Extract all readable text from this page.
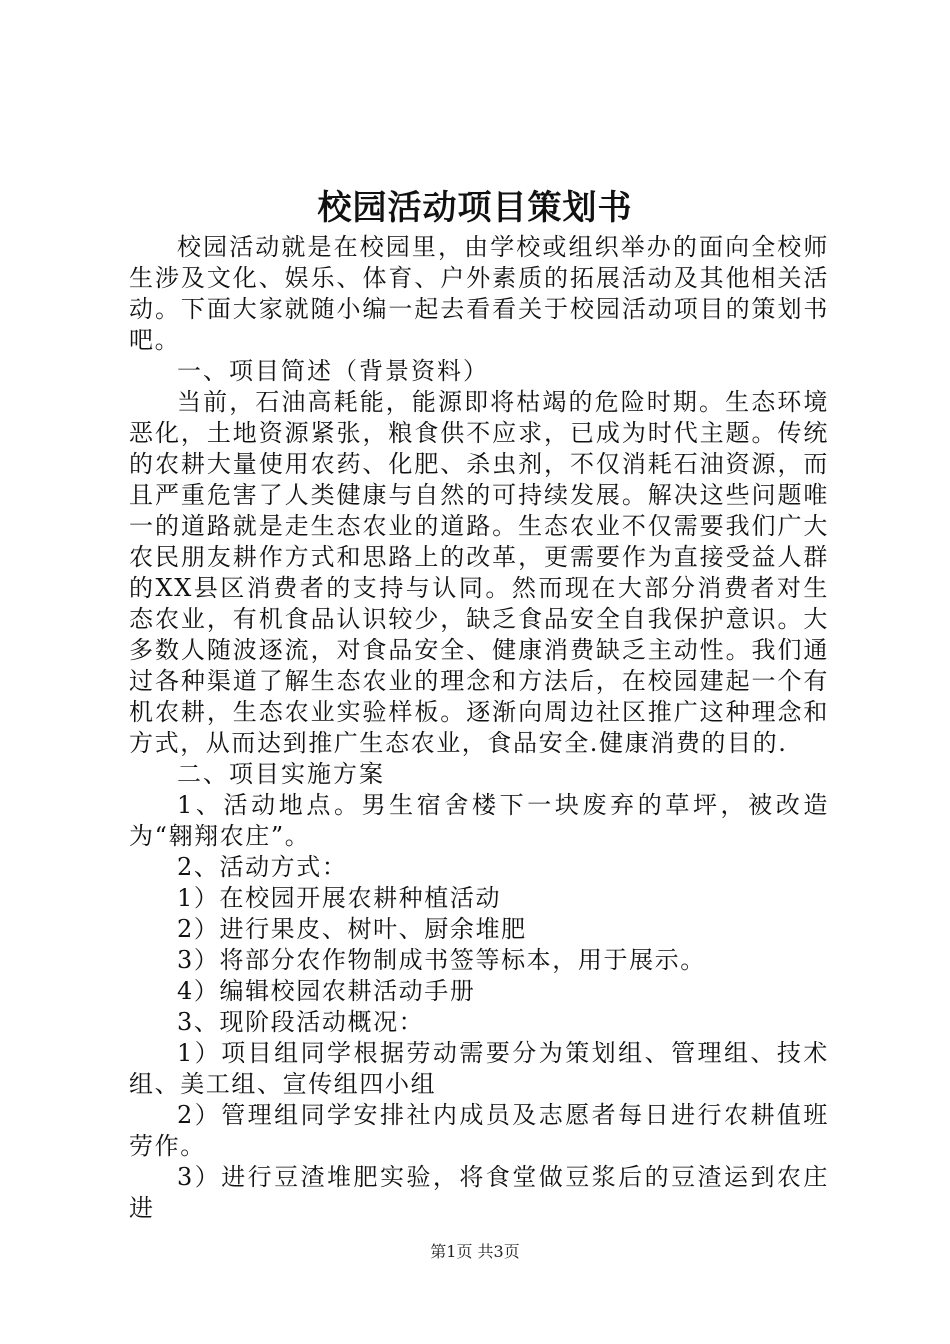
校园活动项目策划书

校园活动就是在校园里，由学校或组织举办的面向全校师生涉及文化、娱乐、体育、户外素质的拓展活动及其他相关活动。下面大家就随小编一起去看看关于校园活动项目的策划书吧。

一、项目简述（背景资料）

当前，石油高耗能，能源即将枯竭的危险时期。生态环境恶化，土地资源紧张，粮食供不应求，已成为时代主题。传统的农耕大量使用农药、化肥、杀虫剂，不仅消耗石油资源，而且严重危害了人类健康与自然的可持续发展。解决这些问题唯一的道路就是走生态农业的道路。生态农业不仅需要我们广大农民朋友耕作方式和思路上的改革，更需要作为直接受益人群的XX县区消费者的支持与认同。然而现在大部分消费者对生态农业，有机食品认识较少，缺乏食品安全自我保护意识。大多数人随波逐流，对食品安全、健康消费缺乏主动性。我们通过各种渠道了解生态农业的理念和方法后，在校园建起一个有机农耕，生态农业实验样板。逐渐向周边社区推广这种理念和方式，从而达到推广生态农业，食品安全.健康消费的目的.

二、项目实施方案

1、活动地点。男生宿舍楼下一块废弃的草坪，被改造为“翱翔农庄”。

2、活动方式：

1）在校园开展农耕种植活动

2）进行果皮、树叶、厨余堆肥

3）将部分农作物制成书签等标本，用于展示。

4）编辑校园农耕活动手册

3、现阶段活动概况：

1）项目组同学根据劳动需要分为策划组、管理组、技术组、美工组、宣传组四小组

2）管理组同学安排社内成员及志愿者每日进行农耕值班劳作。

3）进行豆渣堆肥实验，将食堂做豆浆后的豆渣运到农庄进

第1页 共3页
